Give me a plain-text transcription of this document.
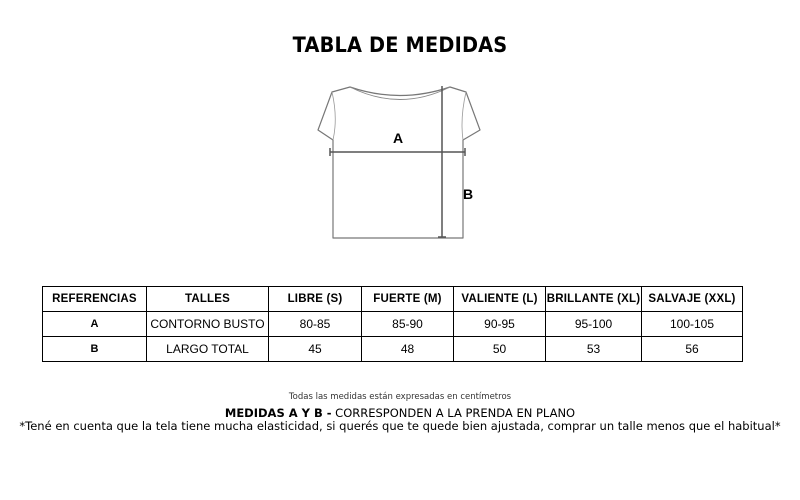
TABLA DE MEDIDAS
A
B
REFERENCIAS	TALLES	LIBRE (S)	FUERTE (M)	VALIENTE (L)	BRILLANTE (XL)	SALVAJE (XXL)
A	CONTORNO BUSTO	80-85	85-90	90-95	95-100	100-105
B	LARGO TOTAL	45	48	50	53	56
Todas las medidas están expresadas en centímetros
MEDIDAS A Y B - CORRESPONDEN A LA PRENDA EN PLANO
*Tené en cuenta que la tela tiene mucha elasticidad, si querés que te quede bien ajustada, comprar un talle menos que el habitual*
